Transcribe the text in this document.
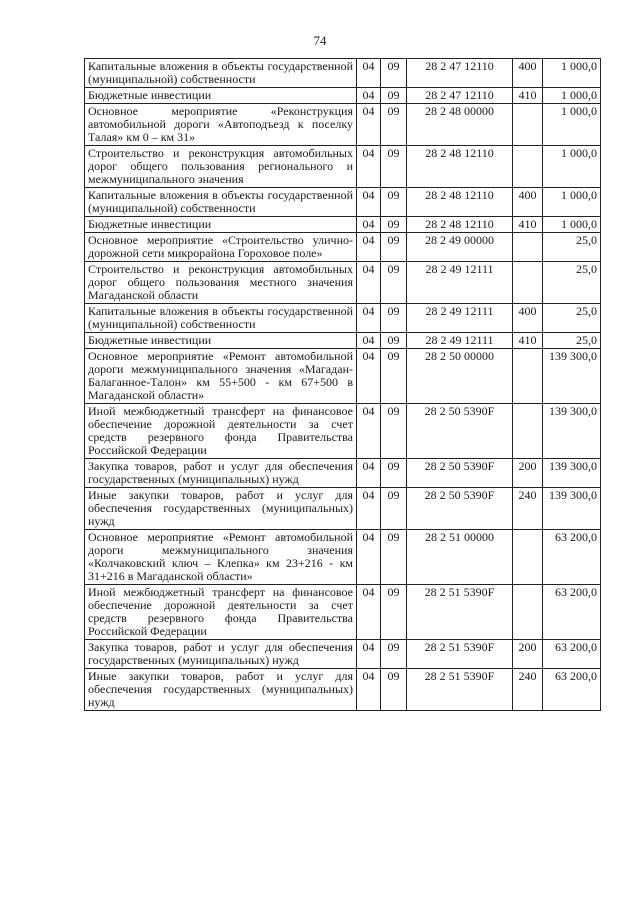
74
Капитальные вложения в объекты государственной (муниципальной) собственности	04	09	28 2 47 12110	400	1 000,0
Бюджетные инвестиции	04	09	28 2 47 12110	410	1 000,0
Основное мероприятие «Реконструкция автомобильной дороги «Автоподъезд к поселку Талая» км 0 – км 31»	04	09	28 2 48 00000		1 000,0
Строительство и реконструкция автомобильных дорог общего пользования регионального и межмуниципального значения	04	09	28 2 48 12110		1 000,0
Капитальные вложения в объекты государственной (муниципальной) собственности	04	09	28 2 48 12110	400	1 000,0
Бюджетные инвестиции	04	09	28 2 48 12110	410	1 000,0
Основное мероприятие «Строительство улично-дорожной сети микрорайона Гороховое поле»	04	09	28 2 49 00000		25,0
Строительство и реконструкция автомобильных дорог общего пользования местного значения Магаданской области	04	09	28 2 49 12111		25,0
Капитальные вложения в объекты государственной (муниципальной) собственности	04	09	28 2 49 12111	400	25,0
Бюджетные инвестиции	04	09	28 2 49 12111	410	25,0
Основное мероприятие «Ремонт автомобильной дороги межмуниципального значения «Магадан-Балаганное-Талон» км 55+500 - км 67+500 в Магаданской области»	04	09	28 2 50 00000		139 300,0
Иной межбюджетный трансферт на финансовое обеспечение дорожной деятельности за счет средств резервного фонда Правительства Российской Федерации	04	09	28 2 50 5390F		139 300,0
Закупка товаров, работ и услуг для обеспечения государственных (муниципальных) нужд	04	09	28 2 50 5390F	200	139 300,0
Иные закупки товаров, работ и услуг для обеспечения государственных (муниципальных) нужд	04	09	28 2 50 5390F	240	139 300,0
Основное мероприятие «Ремонт автомобильной дороги межмуниципального значения «Колчаковский ключ – Клепка» км 23+216 - км 31+216 в Магаданской области»	04	09	28 2 51 00000		63 200,0
Иной межбюджетный трансферт на финансовое обеспечение дорожной деятельности за счет средств резервного фонда Правительства Российской Федерации	04	09	28 2 51 5390F		63 200,0
Закупка товаров, работ и услуг для обеспечения государственных (муниципальных) нужд	04	09	28 2 51 5390F	200	63 200,0
Иные закупки товаров, работ и услуг для обеспечения государственных (муниципальных) нужд	04	09	28 2 51 5390F	240	63 200,0
